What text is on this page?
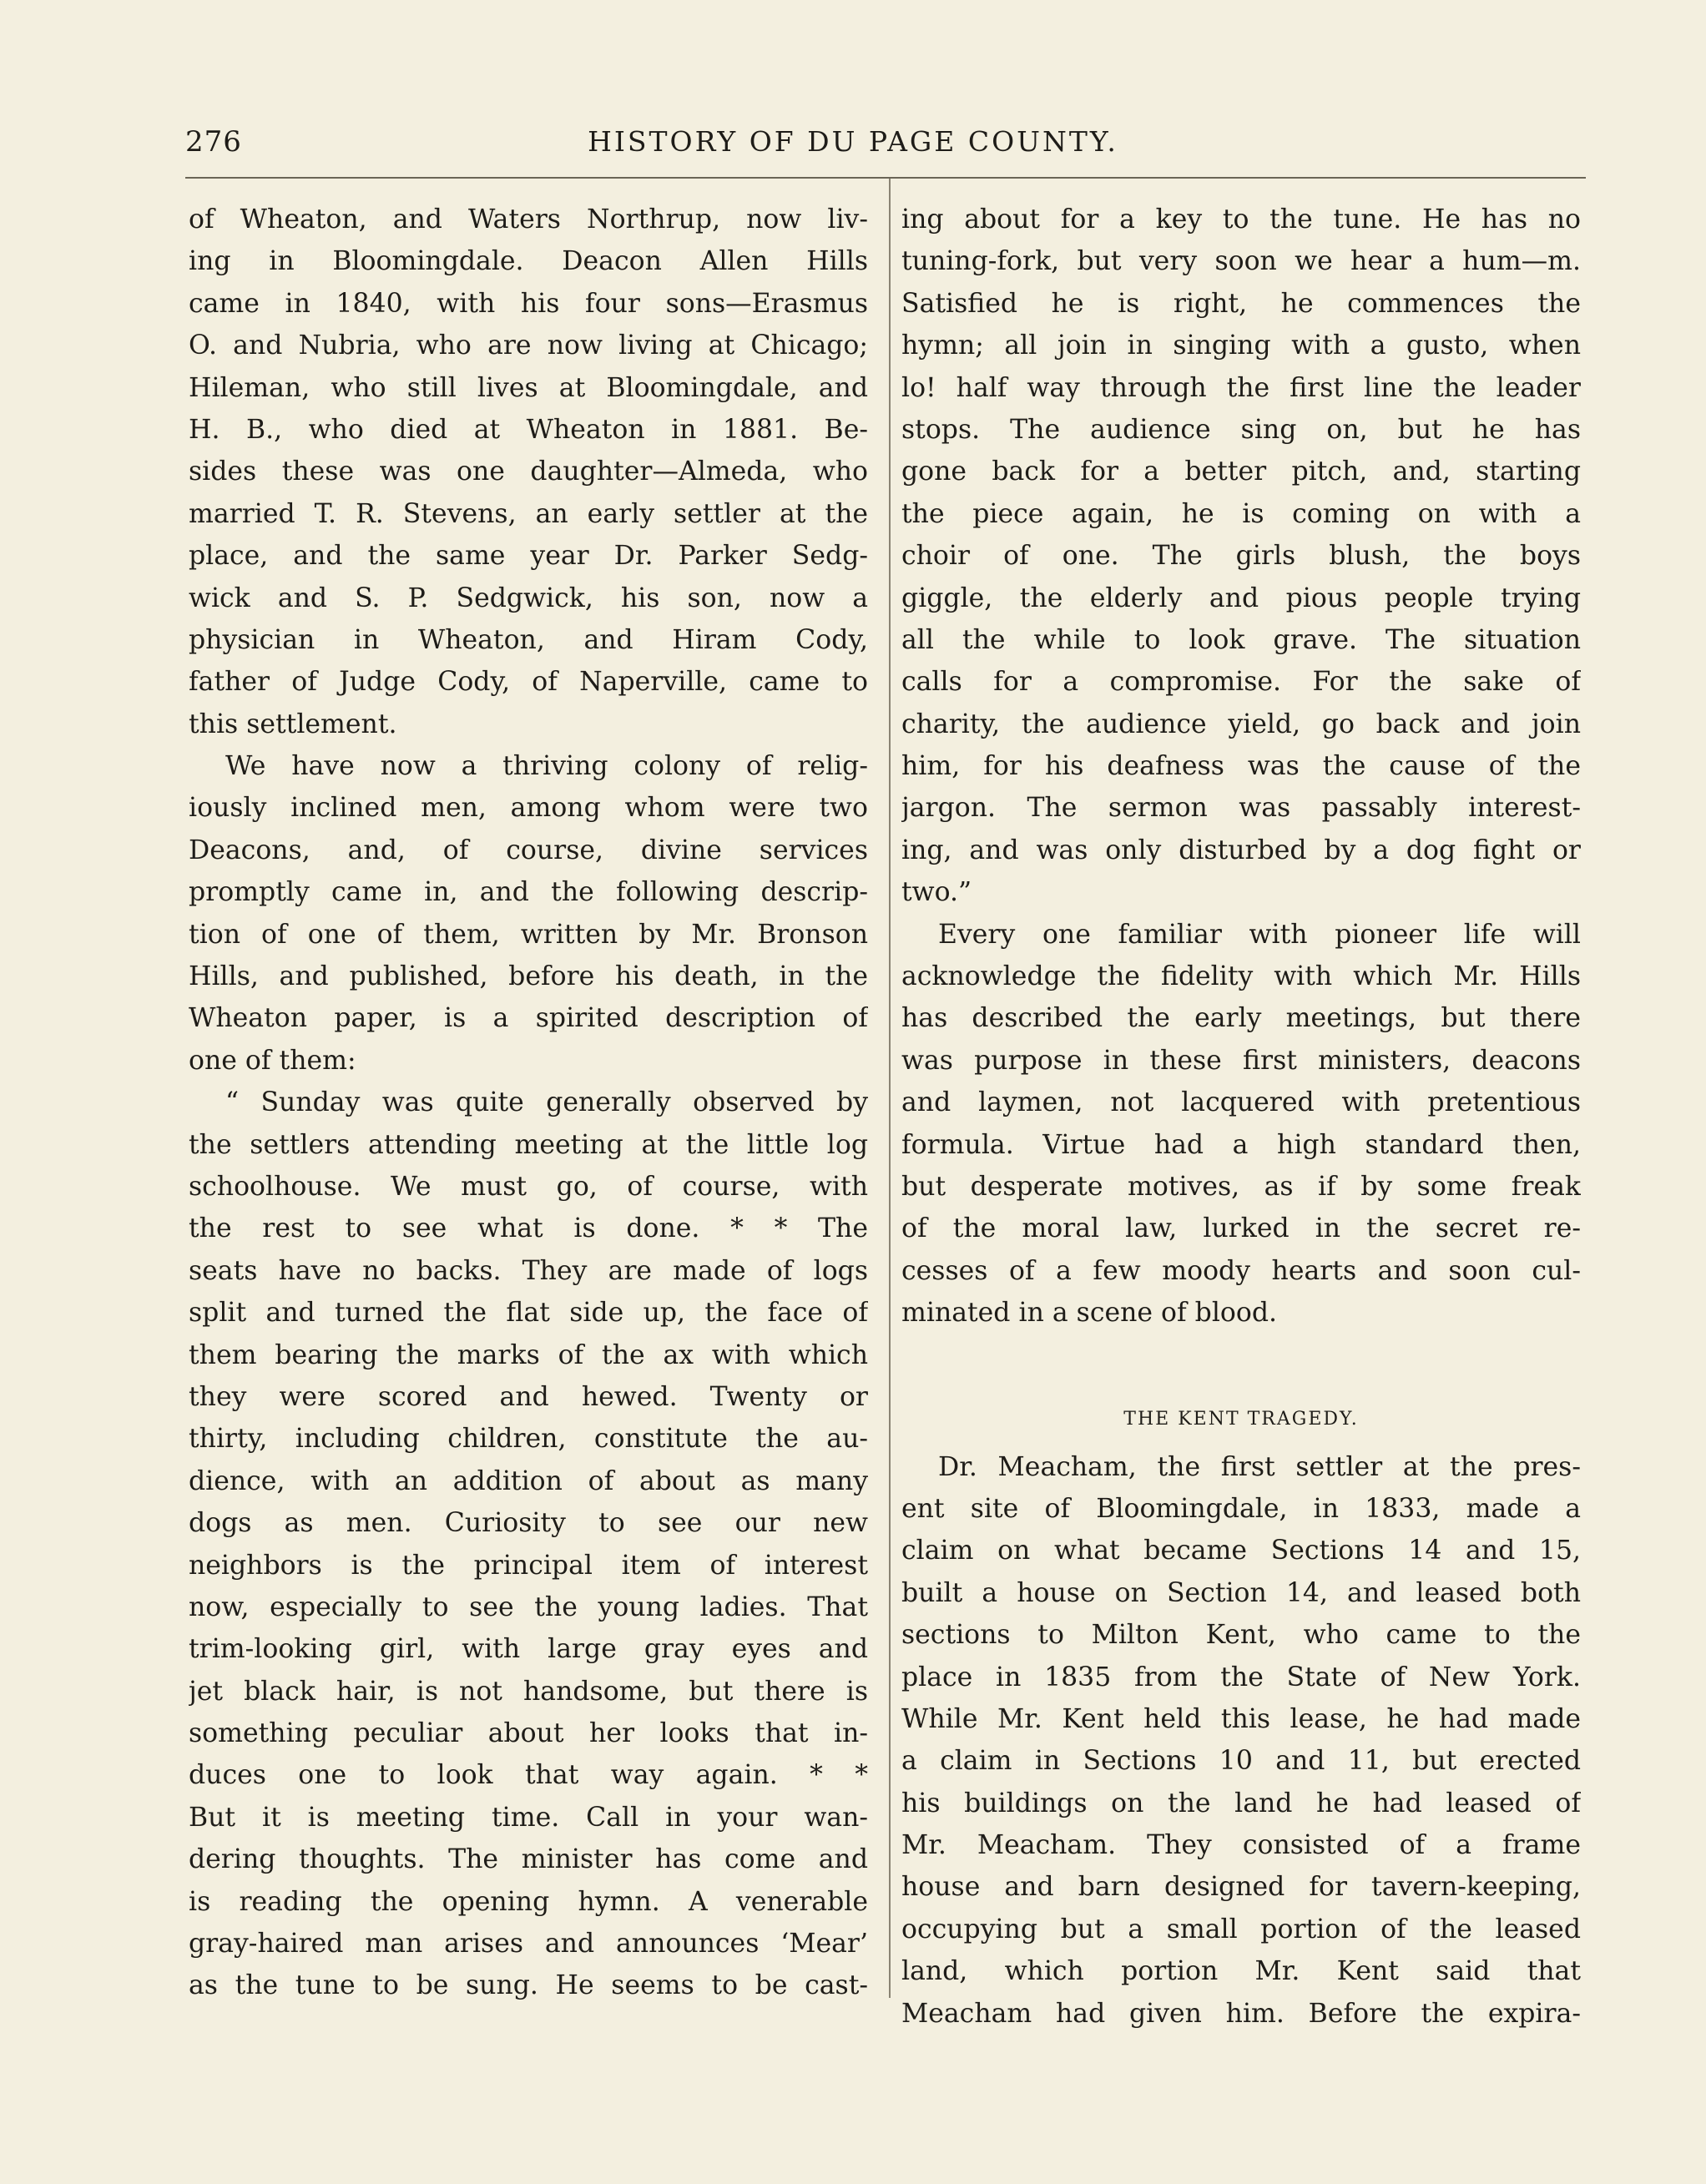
276	HISTORY OF DU PAGE COUNTY.
of Wheaton, and Waters Northrup, now liv-
ing in Bloomingdale. Deacon Allen Hills
came in 1840, with his four sons—Erasmus
O. and Nubria, who are now living at Chicago;
Hileman, who still lives at Bloomingdale, and
H. B., who died at Wheaton in 1881. Be-
sides these was one daughter—Almeda, who
married T. R. Stevens, an early settler at the
place, and the same year Dr. Parker Sedg-
wick and S. P. Sedgwick, his son, now a
physician in Wheaton, and Hiram Cody,
father of Judge Cody, of Naperville, came to
this settlement.
We have now a thriving colony of relig-
iously inclined men, among whom were two
Deacons, and, of course, divine services
promptly came in, and the following descrip-
tion of one of them, written by Mr. Bronson
Hills, and published, before his death, in the
Wheaton paper, is a spirited description of
one of them:
“ Sunday was quite generally observed by
the settlers attending meeting at the little log
schoolhouse. We must go, of course, with
the rest to see what is done. * * The
seats have no backs. They are made of logs
split and turned the flat side up, the face of
them bearing the marks of the ax with which
they were scored and hewed. Twenty or
thirty, including children, constitute the au-
dience, with an addition of about as many
dogs as men. Curiosity to see our new
neighbors is the principal item of interest
now, especially to see the young ladies. That
trim-looking girl, with large gray eyes and
jet black hair, is not handsome, but there is
something peculiar about her looks that in-
duces one to look that way again. * *
But it is meeting time. Call in your wan-
dering thoughts. The minister has come and
is reading the opening hymn. A venerable
gray-haired man arises and announces ‘Mear’
as the tune to be sung. He seems to be cast-
ing about for a key to the tune. He has no
tuning-fork, but very soon we hear a hum—m.
Satisfied he is right, he commences the
hymn; all join in singing with a gusto, when
lo! half way through the first line the leader
stops. The audience sing on, but he has
gone back for a better pitch, and, starting
the piece again, he is coming on with a
choir of one. The girls blush, the boys
giggle, the elderly and pious people trying
all the while to look grave. The situation
calls for a compromise. For the sake of
charity, the audience yield, go back and join
him, for his deafness was the cause of the
jargon. The sermon was passably interest-
ing, and was only disturbed by a dog fight or
two.”
Every one familiar with pioneer life will
acknowledge the fidelity with which Mr. Hills
has described the early meetings, but there
was purpose in these first ministers, deacons
and laymen, not lacquered with pretentious
formula. Virtue had a high standard then,
but desperate motives, as if by some freak
of the moral law, lurked in the secret re-
cesses of a few moody hearts and soon cul-
minated in a scene of blood.
THE KENT TRAGEDY.
Dr. Meacham, the first settler at the pres-
ent site of Bloomingdale, in 1833, made a
claim on what became Sections 14 and 15,
built a house on Section 14, and leased both
sections to Milton Kent, who came to the
place in 1835 from the State of New York.
While Mr. Kent held this lease, he had made
a claim in Sections 10 and 11, but erected
his buildings on the land he had leased of
Mr. Meacham. They consisted of a frame
house and barn designed for tavern-keeping,
occupying but a small portion of the leased
land, which portion Mr. Kent said that
Meacham had given him. Before the expira-
